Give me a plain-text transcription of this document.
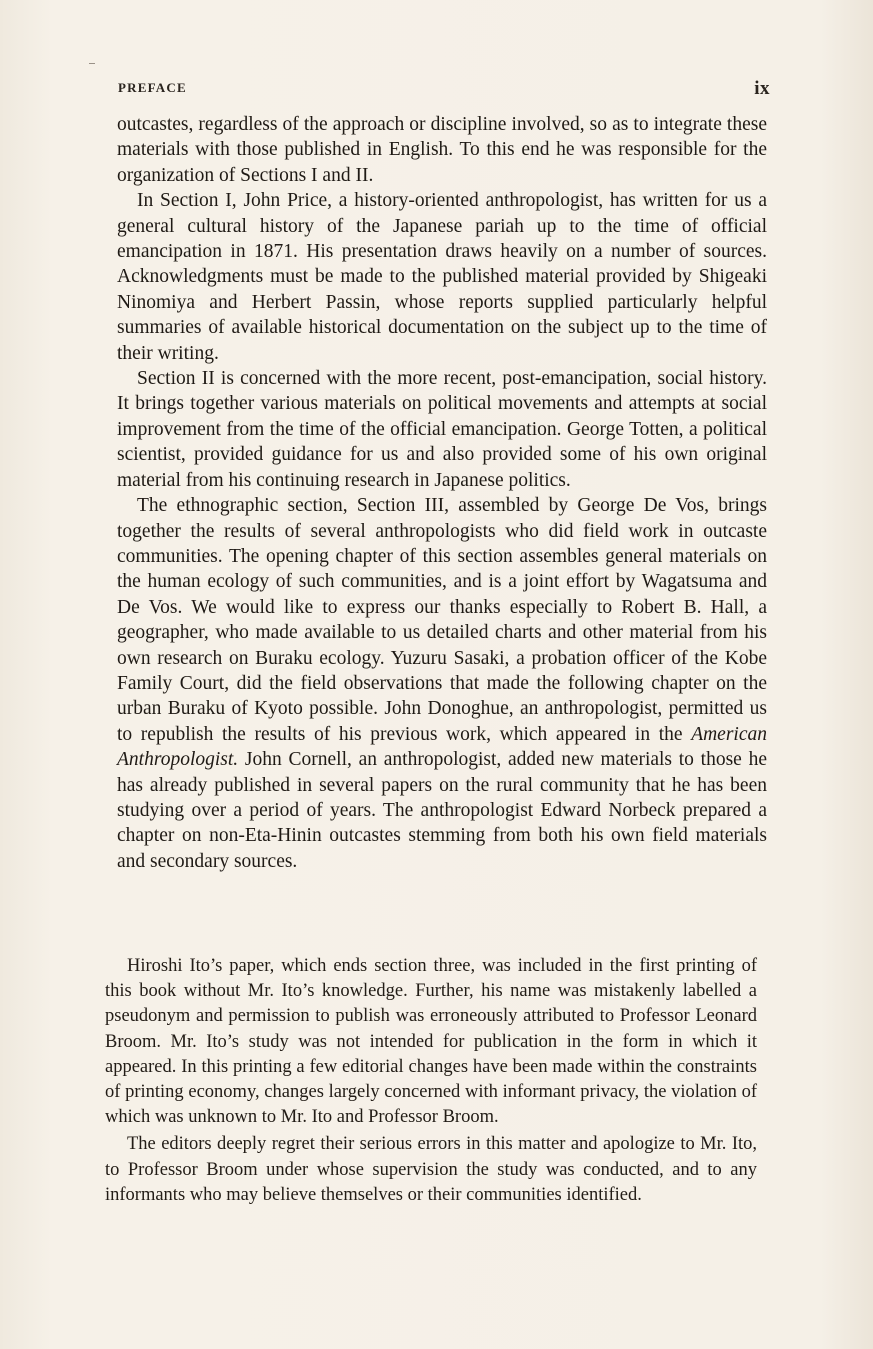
PREFACE	ix

outcastes, regardless of the approach or discipline involved, so as to integrate these materials with those published in English. To this end he was responsible for the organization of Sections I and II.

In Section I, John Price, a history-oriented anthropologist, has written for us a general cultural history of the Japanese pariah up to the time of official emancipation in 1871. His presentation draws heavily on a number of sources. Acknowledgments must be made to the published material provided by Shigeaki Ninomiya and Herbert Passin, whose reports supplied particularly helpful summaries of available historical documentation on the subject up to the time of their writing.

Section II is concerned with the more recent, post-emancipation, social history. It brings together various materials on political movements and attempts at social improvement from the time of the official emancipation. George Totten, a political scientist, provided guidance for us and also provided some of his own original material from his continuing research in Japanese politics.

The ethnographic section, Section III, assembled by George De Vos, brings together the results of several anthropologists who did field work in outcaste communities. The opening chapter of this section assembles general materials on the human ecology of such communities, and is a joint effort by Wagatsuma and De Vos. We would like to express our thanks especially to Robert B. Hall, a geographer, who made available to us detailed charts and other material from his own research on Buraku ecology. Yuzuru Sasaki, a probation officer of the Kobe Family Court, did the field observations that made the following chapter on the urban Buraku of Kyoto possible. John Donoghue, an anthropologist, permitted us to republish the results of his previous work, which appeared in the American Anthropologist. John Cornell, an anthropologist, added new materials to those he has already published in several papers on the rural community that he has been studying over a period of years. The anthropologist Edward Norbeck prepared a chapter on non-Eta-Hinin outcastes stemming from both his own field materials and secondary sources.

Hiroshi Ito’s paper, which ends section three, was included in the first printing of this book without Mr. Ito’s knowledge. Further, his name was mistakenly labelled a pseudonym and permission to publish was erroneously attributed to Professor Leonard Broom. Mr. Ito’s study was not intended for publication in the form in which it appeared. In this printing a few editorial changes have been made within the constraints of printing economy, changes largely concerned with informant privacy, the violation of which was unknown to Mr. Ito and Professor Broom.

The editors deeply regret their serious errors in this matter and apologize to Mr. Ito, to Professor Broom under whose supervision the study was conducted, and to any informants who may believe themselves or their communities identified.
